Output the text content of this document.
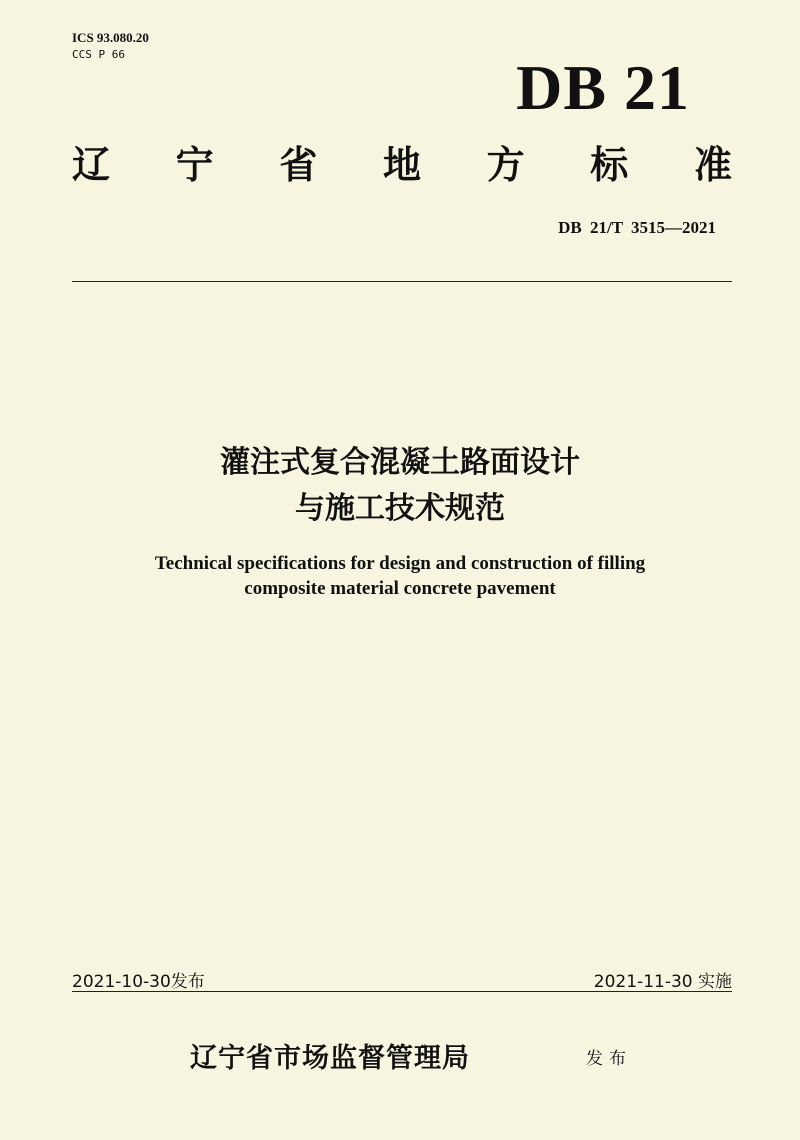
ICS 93.080.20
CCS P 66	DB 21
辽 宁 省 地 方 标 准
DB 21/T 3515—2021
灌注式复合混凝土路面设计
与施工技术规范
Technical specifications for design and construction of filling
composite material concrete pavement
2021-10-30发布	2021-11-30 实施
辽宁省市场监督管理局	发布
